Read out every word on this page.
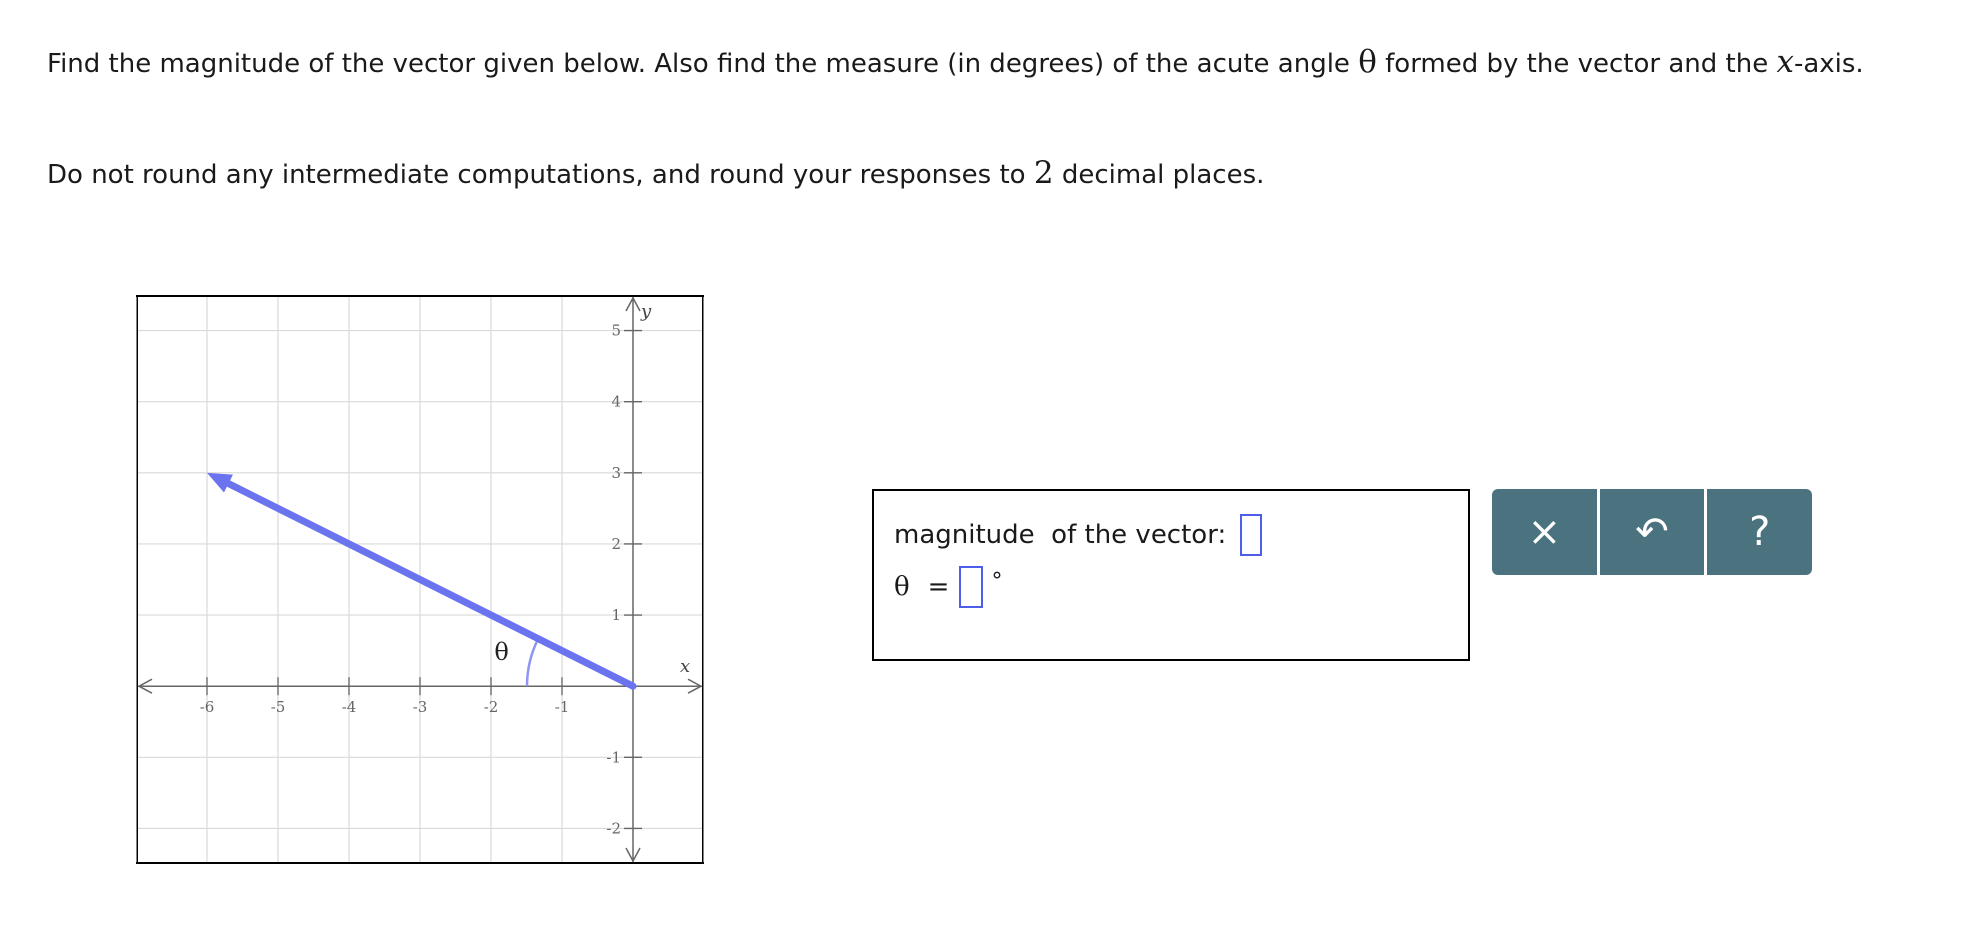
Find the magnitude of the vector given below. Also find the measure (in degrees) of the acute angle θ formed by the vector and the x-axis.

Do not round any intermediate computations, and round your responses to 2 decimal places.

-6	-5	-4	-3	-2	-1
5
4
3
2
1
-1
-2
θ
x
y
magnitude  of the vector:
θ = °
× ↶ ?
